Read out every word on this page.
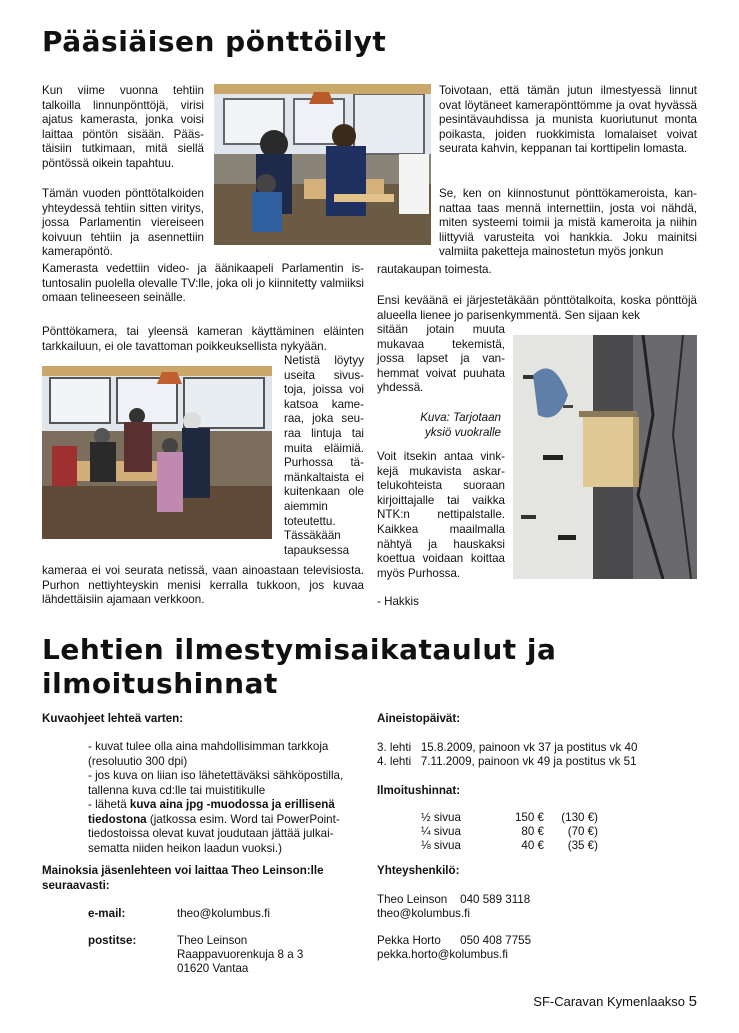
Pääsiäisen pönttöilyt
Kun viime vuonna tehtiin talkoilla linnunpönttöjä, virisi ajatus kamerasta, jonka voisi laittaa pöntön sisään. Päästäisiin tutkimaan, mitä siellä pöntössä oikein tapahtuu.
Tämän vuoden pönttötalkoiden yhteydessä tehtiin sitten viritys, jossa Parlamentin viereiseen koivuun tehtiin ja asennettiin kamerapöntö.
Kamerasta vedettiin video- ja äänikaapeli Parlamentin istuntosalin puolella olevalle TV:lle, joka oli jo kiinnitetty valmiiksi omaan telineeseen seinälle.
Pönttökamera, tai yleensä kameran käyttäminen eläinten tarkkailuun, ei ole tavattoman poikkeuksellista nykyään.
Netistä löytyy useita sivustoja, joissa voi katsoa kameraa, joka seuraa lintuja tai muita eläimiä. Purhossa tämänkaltaista ei kuitenkaan ole aiemmin toteutettu. Tässäkään tapauksessa
kameraa ei voi seurata netissä, vaan ainoastaan televisiosta. Purhon nettiyhteyskin menisi kerralla tukkoon, jos kuvaa lähdettäisiin ajamaan verkkoon.
Toivotaan, että tämän jutun ilmestyessä linnut ovat löytäneet kamerapönttömme ja ovat hyvässä pesintävauhdissa ja munista kuoriutunut monta poikasta, joiden ruokkimista lomalaiset voivat seurata kahvin, keppanan tai korttipelin lomasta.
Se, ken on kiinnostunut pönttökameroista, kannattaa taas mennä internettiin, josta voi nähdä, miten systeemi toimii ja mistä kameroita ja niihin liittyviä varusteita voi hankkia. Joku mainitsi valmiita paketteja mainostetun myös jonkun
rautakaupan toimesta.
Ensi keväänä ei järjestetäkään pönttötalkoita, koska pönttöjä alueella lienee jo parisenkymmentä. Sen sijaan kek
sitään jotain muuta mukavaa tekemistä, jossa lapset ja vanhemmat voivat puuhata yhdessä.
Kuva: Tarjotaan
yksiö vuokralle
Voit itsekin antaa vinkkejä mukavista askartelukohteista suoraan kirjoittajalle tai vaikka NTK:n nettipalstalle. Kaikkea maailmalla nähtyä ja hauskaksi koettua voidaan koittaa myös Purhossa.
- Hakkis
Lehtien ilmestymisaikataulut ja
ilmoitushinnat
Kuvaohjeet lehteä varten:
- kuvat tulee olla aina mahdollisimman tarkkoja
(resoluutio 300 dpi)
- jos kuva on liian iso lähetettäväksi sähköpostilla,
tallenna kuva cd:lle tai muistitikulle
- lähetä kuva aina jpg -muodossa ja erillisenä tiedostona (jatkossa esim. Word tai PowerPoint-tiedostoissa olevat kuvat joudutaan jättää julkaisematta niiden heikon laadun vuoksi.)
Mainoksia jäsenlehteen voi laittaa Theo Leinson:lle seuraavasti:
e-mail:	theo@kolumbus.fi
postitse:	Theo Leinson
Raappavuorenkuja 8 a 3
01620 Vantaa
Aineistopäivät:
3. lehti   15.8.2009, painoon vk 37 ja postitus vk 40
4. lehti   7.11.2009, painoon vk 49 ja postitus vk 51
Ilmoitushinnat:
½ sivua	150 €	(130 €)
¼ sivua	80 €	(70 €)
⅛ sivua	40 €	(35 €)
Yhteyshenkilö:
Theo Leinson    040 589 3118
theo@kolumbus.fi
Pekka Horto      050 408 7755
pekka.horto@kolumbus.fi
SF-Caravan Kymenlaakso 5
